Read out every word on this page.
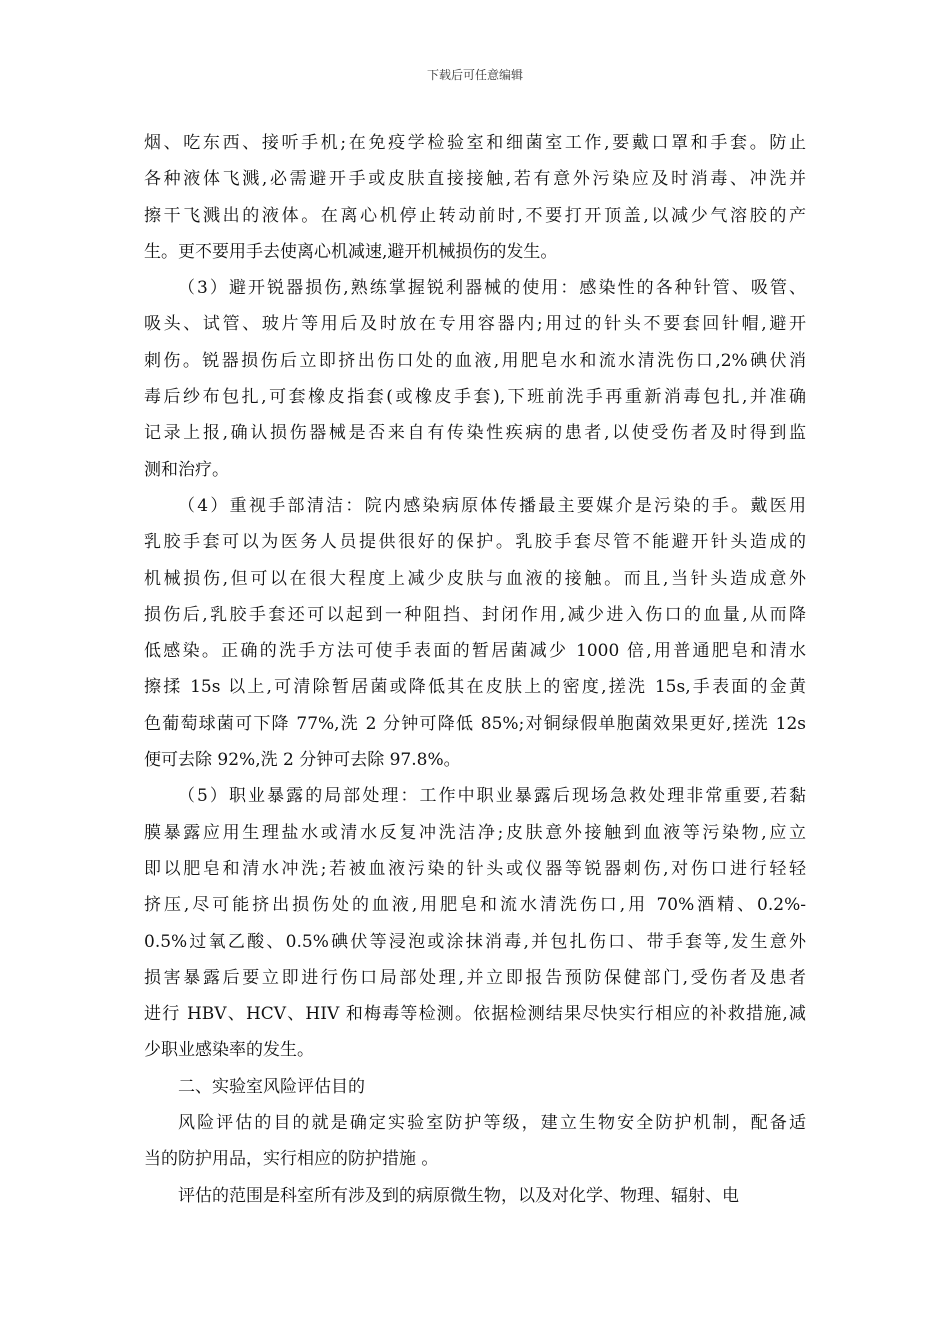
下载后可任意编辑

烟、吃东西、接听手机;在免疫学检验室和细菌室工作,要戴口罩和手套。防止
各种液体飞溅,必需避开手或皮肤直接接触,若有意外污染应及时消毒、冲洗并
擦干飞溅出的液体。在离心机停止转动前时,不要打开顶盖,以减少气溶胶的产
生。更不要用手去使离心机减速,避开机械损伤的发生。

（3）避开锐器损伤,熟练掌握锐利器械的使用：感染性的各种针管、吸管、
吸头、试管、玻片等用后及时放在专用容器内;用过的针头不要套回针帽,避开
刺伤。锐器损伤后立即挤出伤口处的血液,用肥皂水和流水清洗伤口,2%碘伏消
毒后纱布包扎,可套橡皮指套(或橡皮手套),下班前洗手再重新消毒包扎,并准确
记录上报,确认损伤器械是否来自有传染性疾病的患者,以使受伤者及时得到监
测和治疗。

（4）重视手部清洁：院内感染病原体传播最主要媒介是污染的手。戴医用
乳胶手套可以为医务人员提供很好的保护。乳胶手套尽管不能避开针头造成的
机械损伤,但可以在很大程度上减少皮肤与血液的接触。而且,当针头造成意外
损伤后,乳胶手套还可以起到一种阻挡、封闭作用,减少进入伤口的血量,从而降
低感染。正确的洗手方法可使手表面的暂居菌减少 1000 倍,用普通肥皂和清水
擦揉 15s 以上,可清除暂居菌或降低其在皮肤上的密度,搓洗 15s,手表面的金黄
色葡萄球菌可下降 77%,洗 2 分钟可降低 85%;对铜绿假单胞菌效果更好,搓洗 12s
便可去除 92%,洗 2 分钟可去除 97.8%。

（5）职业暴露的局部处理：工作中职业暴露后现场急救处理非常重要,若黏
膜暴露应用生理盐水或清水反复冲洗洁净;皮肤意外接触到血液等污染物,应立
即以肥皂和清水冲洗;若被血液污染的针头或仪器等锐器刺伤,对伤口进行轻轻
挤压,尽可能挤出损伤处的血液,用肥皂和流水清洗伤口,用 70%酒精、0.2%-
0.5%过氧乙酸、0.5%碘伏等浸泡或涂抹消毒,并包扎伤口、带手套等,发生意外
损害暴露后要立即进行伤口局部处理,并立即报告预防保健部门,受伤者及患者
进行 HBV、HCV、HIV 和梅毒等检测。依据检测结果尽快实行相应的补救措施,减
少职业感染率的发生。

二、实验室风险评估目的

风险评估的目的就是确定实验室防护等级，建立生物安全防护机制，配备适
当的防护用品，实行相应的防护措施 。

评估的范围是科室所有涉及到的病原微生物，以及对化学、物理、辐射、电
